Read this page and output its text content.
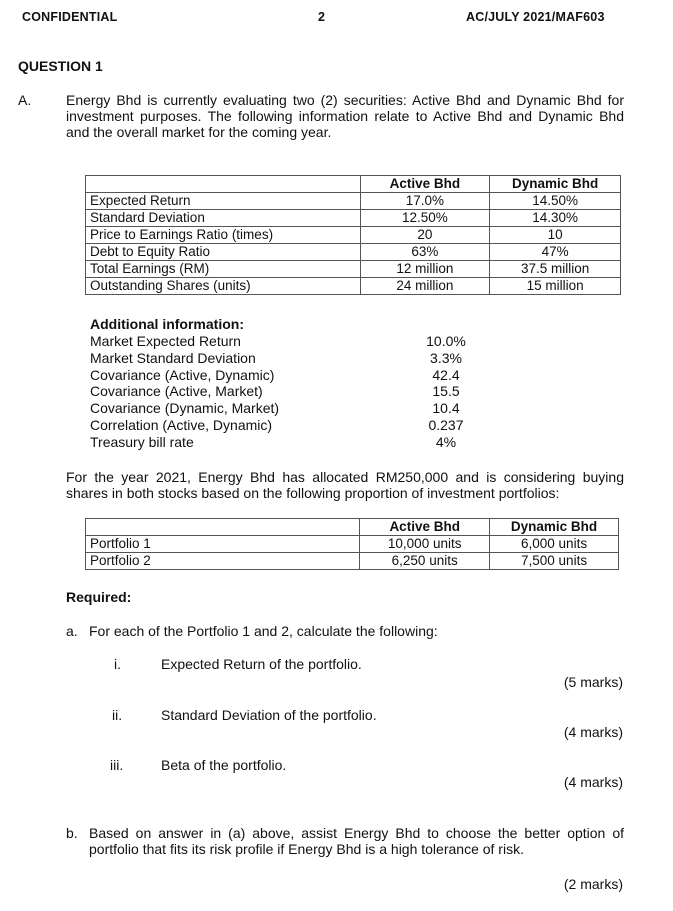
CONFIDENTIAL	2	AC/JULY 2021/MAF603
QUESTION 1
A. Energy Bhd is currently evaluating two (2) securities: Active Bhd and Dynamic Bhd for investment purposes. The following information relate to Active Bhd and Dynamic Bhd and the overall market for the coming year.
	Active Bhd	Dynamic Bhd
Expected Return	17.0%	14.50%
Standard Deviation	12.50%	14.30%
Price to Earnings Ratio (times)	20	10
Debt to Equity Ratio	63%	47%
Total Earnings (RM)	12 million	37.5 million
Outstanding Shares (units)	24 million	15 million
Additional information:
Market Expected Return	10.0%
Market Standard Deviation	3.3%
Covariance (Active, Dynamic)	42.4
Covariance (Active, Market)	15.5
Covariance (Dynamic, Market)	10.4
Correlation (Active, Dynamic)	0.237
Treasury bill rate	4%
For the year 2021, Energy Bhd has allocated RM250,000 and is considering buying shares in both stocks based on the following proportion of investment portfolios:
	Active Bhd	Dynamic Bhd
Portfolio 1	10,000 units	6,000 units
Portfolio 2	6,250 units	7,500 units
Required:
a. For each of the Portfolio 1 and 2, calculate the following:
i.	Expected Return of the portfolio.
(5 marks)
ii.	Standard Deviation of the portfolio.
(4 marks)
iii.	Beta of the portfolio.
(4 marks)
b. Based on answer in (a) above, assist Energy Bhd to choose the better option of portfolio that fits its risk profile if Energy Bhd is a high tolerance of risk.
(2 marks)
